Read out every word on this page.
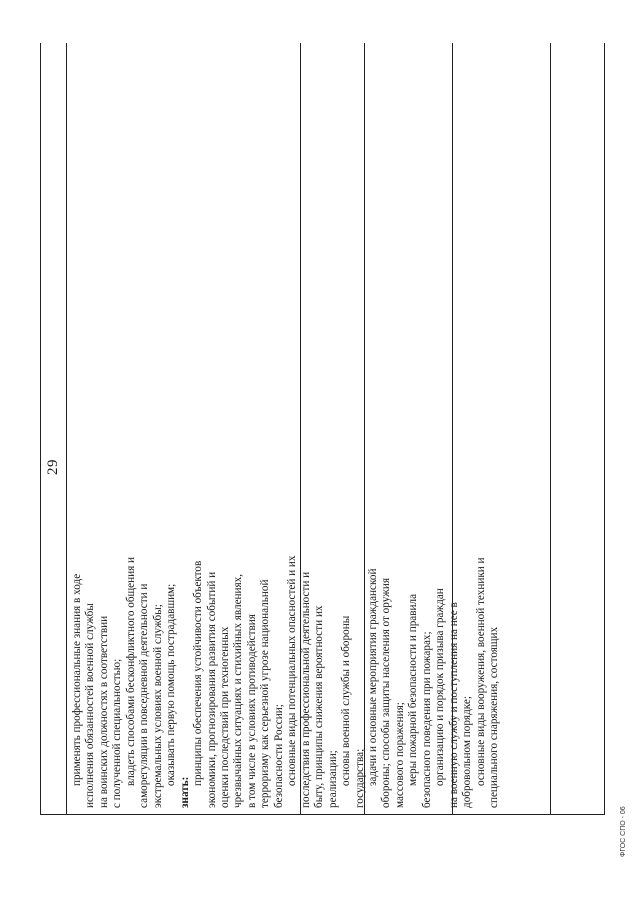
29
применять профессиональные знания в ходе исполнения обязанностей военной службы на воинских должностях в соответствии с полученной специальностью; владеть способами бесконфликтного общения и саморегуляции в повседневной деятельности и экстремальных условиях военной службы; оказывать первую помощь пострадавшим;
знать:
принципы обеспечения устойчивости объектов экономики, прогнозирования развития событий и оценки последствий при техногенных чрезвычайных ситуациях и стихийных явлениях, в том числе в условиях противодействия терроризму как серьезной угрозе национальной безопасности России; основные виды потенциальных опасностей и их последствия в профессиональной деятельности и быту, принципы снижения вероятности их реализации; основы военной службы и обороны государства; задачи и основные мероприятия гражданской обороны; способы защиты населения от оружия массового поражения; меры пожарной безопасности и правила безопасного поведения при пожарах; организацию и порядок призыва граждан на военную службу и поступления на нее в добровольном порядке; основные виды вооружения, военной техники и специального снаряжения, состоящих
ФГОС СПО - 06
